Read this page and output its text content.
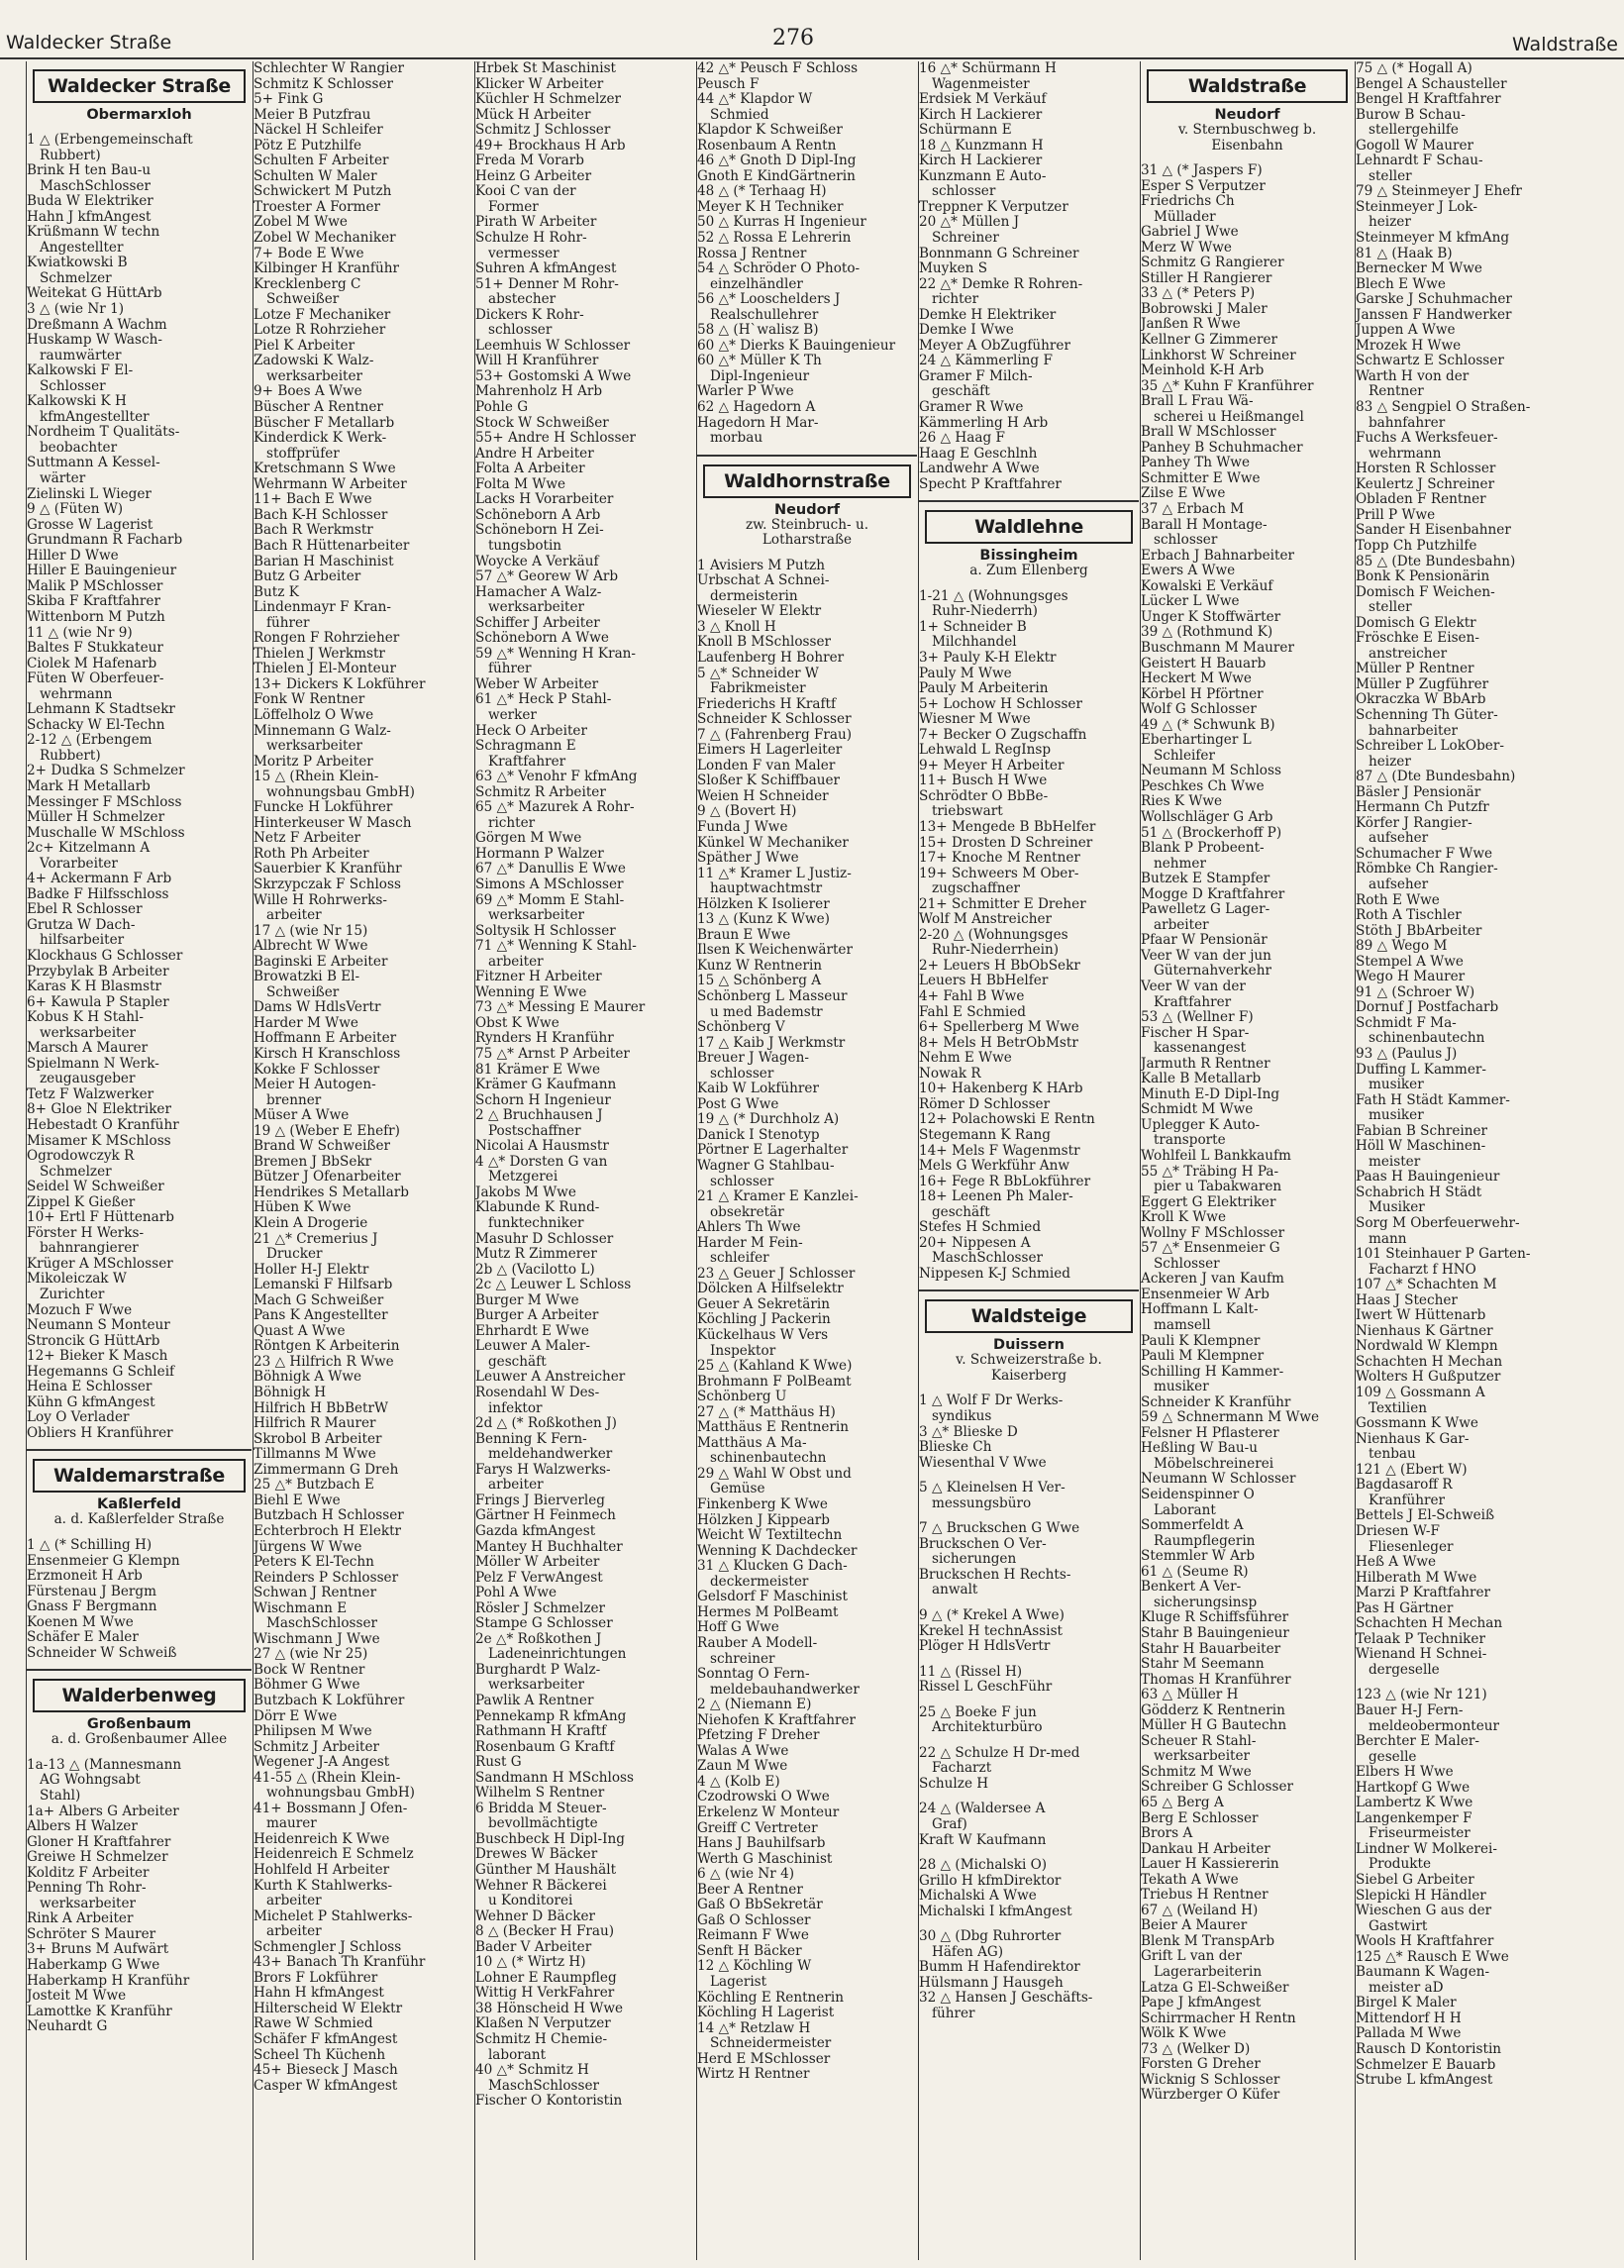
Waldecker Straße	276	Waldstraße
Waldecker Straße
Obermarxloh
1 △ (Erbengemeinschaft
Rubbert)
Brink H ten Bau-u
MaschSchlosser
Buda W Elektriker
Hahn J kfmAngest
Krüßmann W techn
Angestellter
Kwiatkowski B
Schmelzer
Weitekat G HüttArb
3 △ (wie Nr 1)
Dreßmann A Wachm
Huskamp W Wasch-
raumwärter
Kalkowski F El-
Schlosser
Kalkowski K H
kfmAngestellter
Nordheim T Qualitäts-
beobachter
Suttmann A Kessel-
wärter
Zielinski L Wieger
9 △ (Füten W)
Grosse W Lagerist
Grundmann R Facharb
Hiller D Wwe
Hiller E Bauingenieur
Malik P MSchlosser
Skiba F Kraftfahrer
Wittenborn M Putzh
11 △ (wie Nr 9)
Baltes F Stukkateur
Ciolek M Hafenarb
Füten W Oberfeuer-
wehrmann
Lehmann K Stadtsekr
Schacky W El-Techn
2-12 △ (Erbengem
Rubbert)
2+ Dudka S Schmelzer
Mark H Metallarb
Messinger F MSchloss
Müller H Schmelzer
Muschalle W MSchloss
2c+ Kitzelmann A
Vorarbeiter
4+ Ackermann F Arb
Badke F Hilfsschloss
Ebel R Schlosser
Grutza W Dach-
hilfsarbeiter
Klockhaus G Schlosser
Przybylak B Arbeiter
Karas K H Blasmstr
6+ Kawula P Stapler
Kobus K H Stahl-
werksarbeiter
Marsch A Maurer
Spielmann N Werk-
zeugausgeber
Tetz F Walzwerker
8+ Gloe N Elektriker
Hebestadt O Kranführ
Misamer K MSchloss
Ogrodowczyk R
Schmelzer
Seidel W Schweißer
Zippel K Gießer
10+ Ertl F Hüttenarb
Förster H Werks-
bahnrangierer
Krüger A MSchlosser
Mikoleiczak W
Zurichter
Mozuch F Wwe
Neumann S Monteur
Stroncik G HüttArb
12+ Bieker K Masch
Hegemanns G Schleif
Heina E Schlosser
Kühn G kfmAngest
Loy O Verlader
Obliers H Kranführer
Waldemarstraße
Kaßlerfeld
a. d. Kaßlerfelder Straße
1 △ (* Schilling H)
Ensenmeier G Klempn
Erzmoneit H Arb
Fürstenau J Bergm
Gnass F Bergmann
Koenen M Wwe
Schäfer E Maler
Schneider W Schweiß
Walderbenweg
Großenbaum
a. d. Großenbaumer Allee
1a-13 △ (Mannesmann
AG Wohngsabt
Stahl)
1a+ Albers G Arbeiter
Albers H Walzer
Gloner H Kraftfahrer
Greiwe H Schmelzer
Kolditz F Arbeiter
Penning Th Rohr-
werksarbeiter
Rink A Arbeiter
Schröter S Maurer
3+ Bruns M Aufwärt
Haberkamp G Wwe
Haberkamp H Kranführ
Josteit M Wwe
Lamottke K Kranführ
Neuhardt G
Schlechter W Rangier
Schmitz K Schlosser
5+ Fink G
Meier B Putzfrau
Näckel H Schleifer
Pötz E Putzhilfe
Schulten F Arbeiter
Schulten W Maler
Schwickert M Putzh
Troester A Former
Zobel M Wwe
Zobel W Mechaniker
7+ Bode E Wwe
Kilbinger H Kranführ
Krecklenberg C
Schweißer
Lotze F Mechaniker
Lotze R Rohrzieher
Piel K Arbeiter
Zadowski K Walz-
werksarbeiter
9+ Boes A Wwe
Büscher A Rentner
Büscher F Metallarb
Kinderdick K Werk-
stoffprüfer
Kretschmann S Wwe
Wehrmann W Arbeiter
11+ Bach E Wwe
Bach K-H Schlosser
Bach R Werkmstr
Bach R Hüttenarbeiter
Barian H Maschinist
Butz G Arbeiter
Butz K
Lindenmayr F Kran-
führer
Rongen F Rohrzieher
Thielen J Werkmstr
Thielen J El-Monteur
13+ Dickers K Lokführer
Fonk W Rentner
Löffelholz O Wwe
Minnemann G Walz-
werksarbeiter
Moritz P Arbeiter
15 △ (Rhein Klein-
wohnungsbau GmbH)
Funcke H Lokführer
Hinterkeuser W Masch
Netz F Arbeiter
Roth Ph Arbeiter
Sauerbier K Kranführ
Skrzypczak F Schloss
Wille H Rohrwerks-
arbeiter
17 △ (wie Nr 15)
Albrecht W Wwe
Baginski E Arbeiter
Browatzki B El-
Schweißer
Dams W HdlsVertr
Harder M Wwe
Hoffmann E Arbeiter
Kirsch H Kranschloss
Kokke F Schlosser
Meier H Autogen-
brenner
Müser A Wwe
19 △ (Weber E Ehefr)
Brand W Schweißer
Bremen J BbSekr
Bützer J Ofenarbeiter
Hendrikes S Metallarb
Hüben K Wwe
Klein A Drogerie
21 △* Cremerius J
Drucker
Holler H-J Elektr
Lemanski F Hilfsarb
Mach G Schweißer
Pans K Angestellter
Quast A Wwe
Röntgen K Arbeiterin
23 △ Hilfrich R Wwe
Böhnigk A Wwe
Böhnigk H
Hilfrich H BbBetrW
Hilfrich R Maurer
Skrobol B Arbeiter
Tillmanns M Wwe
Zimmermann G Dreh
25 △* Butzbach E
Biehl E Wwe
Butzbach H Schlosser
Echterbroch H Elektr
Jürgens W Wwe
Peters K El-Techn
Reinders P Schlosser
Schwan J Rentner
Wischmann E
MaschSchlosser
Wischmann J Wwe
27 △ (wie Nr 25)
Bock W Rentner
Böhmer G Wwe
Butzbach K Lokführer
Dörr E Wwe
Philipsen M Wwe
Schmitz J Arbeiter
Wegener J-A Angest
41-55 △ (Rhein Klein-
wohnungsbau GmbH)
41+ Bossmann J Ofen-
maurer
Heidenreich K Wwe
Heidenreich E Schmelz
Hohlfeld H Arbeiter
Kurth K Stahlwerks-
arbeiter
Michelet P Stahlwerks-
arbeiter
Schmengler J Schloss
43+ Banach Th Kranführ
Brors F Lokführer
Hahn H kfmAngest
Hilterscheid W Elektr
Rawe W Schmied
Schäfer F kfmAngest
Scheel Th Küchenh
45+ Bieseck J Masch
Casper W kfmAngest
Hrbek St Maschinist
Klicker W Arbeiter
Küchler H Schmelzer
Mück H Arbeiter
Schmitz J Schlosser
49+ Brockhaus H Arb
Freda M Vorarb
Heinz G Arbeiter
Kooi C van der
Former
Pirath W Arbeiter
Schulze H Rohr-
vermesser
Suhren A kfmAngest
51+ Denner M Rohr-
abstecher
Dickers K Rohr-
schlosser
Leemhuis W Schlosser
Will H Kranführer
53+ Gostomski A Wwe
Mahrenholz H Arb
Pohle G
Stock W Schweißer
55+ Andre H Schlosser
Andre H Arbeiter
Folta A Arbeiter
Folta M Wwe
Lacks H Vorarbeiter
Schöneborn A Arb
Schöneborn H Zei-
tungsbotin
Woycke A Verkäuf
57 △* Georew W Arb
Hamacher A Walz-
werksarbeiter
Schiffer J Arbeiter
Schöneborn A Wwe
59 △* Wenning H Kran-
führer
Weber W Arbeiter
61 △* Heck P Stahl-
werker
Heck O Arbeiter
Schragmann E
Kraftfahrer
63 △* Venohr F kfmAng
Schmitz R Arbeiter
65 △* Mazurek A Rohr-
richter
Görgen M Wwe
Hormann P Walzer
67 △* Danullis E Wwe
Simons A MSchlosser
69 △* Momm E Stahl-
werksarbeiter
Soltysik H Schlosser
71 △* Wenning K Stahl-
arbeiter
Fitzner H Arbeiter
Wenning E Wwe
73 △* Messing E Maurer
Obst K Wwe
Rynders H Kranführ
75 △* Arnst P Arbeiter
81 Krämer E Wwe
Krämer G Kaufmann
Schorn H Ingenieur
2 △ Bruchhausen J
Postschaffner
Nicolai A Hausmstr
4 △* Dorsten G van
Metzgerei
Jakobs M Wwe
Klabunde K Rund-
funktechniker
Masuhr D Schlosser
Mutz R Zimmerer
2b △ (Vacilotto L)
2c △ Leuwer L Schloss
Burger M Wwe
Burger A Arbeiter
Ehrhardt E Wwe
Leuwer A Maler-
geschäft
Leuwer A Anstreicher
Rosendahl W Des-
infektor
2d △ (* Roßkothen J)
Benning K Fern-
meldehandwerker
Farys H Walzwerks-
arbeiter
Frings J Bierverleg
Gärtner H Feinmech
Gazda kfmAngest
Mantey H Buchhalter
Möller W Arbeiter
Pelz F VerwAngest
Pohl A Wwe
Rösler J Schmelzer
Stampe G Schlosser
2e △* Roßkothen J
Ladeneinrichtungen
Burghardt P Walz-
werksarbeiter
Pawlik A Rentner
Pennekamp R kfmAng
Rathmann H Kraftf
Rosenbaum G Kraftf
Rust G
Sandmann H MSchloss
Wilhelm S Rentner
6 Bridda M Steuer-
bevollmächtigte
Buschbeck H Dipl-Ing
Drewes W Bäcker
Günther M Haushält
Wehner R Bäckerei
u Konditorei
Wehner D Bäcker
8 △ (Becker H Frau)
Bader V Arbeiter
10 △ (* Wirtz H)
Lohner E Raumpfleg
Wittig H VerkFahrer
38 Hönscheid H Wwe
Klaßen N Verputzer
Schmitz H Chemie-
laborant
40 △* Schmitz H
MaschSchlosser
Fischer O Kontoristin
42 △* Peusch F Schloss
Peusch F
44 △* Klapdor W
Schmied
Klapdor K Schweißer
Rosenbaum A Rentn
46 △* Gnoth D Dipl-Ing
Gnoth E KindGärtnerin
48 △ (* Terhaag H)
Meyer K H Techniker
50 △ Kurras H Ingenieur
52 △ Rossa E Lehrerin
Rossa J Rentner
54 △ Schröder O Photo-
einzelhändler
56 △* Looschelders J
Realschullehrer
58 △ (H`walisz B)
60 △* Dierks K Bauingenieur
60 △* Müller K Th
Dipl-Ingenieur
Warler P Wwe
62 △ Hagedorn A
Hagedorn H Mar-
morbau
Waldhornstraße
Neudorf
zw. Steinbruch- u.
Lotharstraße
1 Avisiers M Putzh
Urbschat A Schnei-
dermeisterin
Wieseler W Elektr
3 △ Knoll H
Knoll B MSchlosser
Laufenberg H Bohrer
5 △* Schneider W
Fabrikmeister
Friederichs H Kraftf
Schneider K Schlosser
7 △ (Fahrenberg Frau)
Eimers H Lagerleiter
Londen F van Maler
Sloßer K Schiffbauer
Weien H Schneider
9 △ (Bovert H)
Funda J Wwe
Künkel W Mechaniker
Späther J Wwe
11 △* Kramer L Justiz-
hauptwachtmstr
Hölzken K Isolierer
13 △ (Kunz K Wwe)
Braun E Wwe
Ilsen K Weichenwärter
Kunz W Rentnerin
15 △ Schönberg A
Schönberg L Masseur
u med Bademstr
Schönberg V
17 △ Kaib J Werkmstr
Breuer J Wagen-
schlosser
Kaib W Lokführer
Post G Wwe
19 △ (* Durchholz A)
Danick I Stenotyp
Pörtner E Lagerhalter
Wagner G Stahlbau-
schlosser
21 △ Kramer E Kanzlei-
obsekretär
Ahlers Th Wwe
Harder M Fein-
schleifer
23 △ Geuer J Schlosser
Dölcken A Hilfselektr
Geuer A Sekretärin
Köchling J Packerin
Kückelhaus W Vers
Inspektor
25 △ (Kahland K Wwe)
Brohmann F PolBeamt
Schönberg U
27 △ (* Matthäus H)
Matthäus E Rentnerin
Matthäus A Ma-
schinenbautechn
29 △ Wahl W Obst und
Gemüse
Finkenberg K Wwe
Hölzken J Kippearb
Weicht W Textiltechn
Wenning K Dachdecker
31 △ Klucken G Dach-
deckermeister
Gelsdorf F Maschinist
Hermes M PolBeamt
Hoff G Wwe
Rauber A Modell-
schreiner
Sonntag O Fern-
meldebauhandwerker
2 △ (Niemann E)
Niehofen K Kraftfahrer
Pfetzing F Dreher
Walas A Wwe
Zaun M Wwe
4 △ (Kolb E)
Czodrowski O Wwe
Erkelenz W Monteur
Greiff C Vertreter
Hans J Bauhilfsarb
Werth G Maschinist
6 △ (wie Nr 4)
Beer A Rentner
Gaß O BbSekretär
Gaß O Schlosser
Reimann F Wwe
Senft H Bäcker
12 △ Köchling W
Lagerist
Köchling E Rentnerin
Köchling H Lagerist
14 △* Retzlaw H
Schneidermeister
Herd E MSchlosser
Wirtz H Rentner
16 △* Schürmann H
Wagenmeister
Erdsiek M Verkäuf
Kirch H Lackierer
Schürmann E
18 △ Kunzmann H
Kirch H Lackierer
Kunzmann E Auto-
schlosser
Treppner K Verputzer
20 △* Müllen J
Schreiner
Bonnmann G Schreiner
Muyken S
22 △* Demke R Rohren-
richter
Demke H Elektriker
Demke I Wwe
Meyer A ObZugführer
24 △ Kämmerling F
Gramer F Milch-
geschäft
Gramer R Wwe
Kämmerling H Arb
26 △ Haag F
Haag E Geschlnh
Landwehr A Wwe
Specht P Kraftfahrer
Waldlehne
Bissingheim
a. Zum Ellenberg
1-21 △ (Wohnungsges
Ruhr-Niederrh)
1+ Schneider B
Milchhandel
3+ Pauly K-H Elektr
Pauly M Wwe
Pauly M Arbeiterin
5+ Lochow H Schlosser
Wiesner M Wwe
7+ Becker O Zugschaffn
Lehwald L RegInsp
9+ Meyer H Arbeiter
11+ Busch H Wwe
Schrödter O BbBe-
triebswart
13+ Mengede B BbHelfer
15+ Drosten D Schreiner
17+ Knoche M Rentner
19+ Schweers M Ober-
zugschaffner
21+ Schmitter E Dreher
Wolf M Anstreicher
2-20 △ (Wohnungsges
Ruhr-Niederrhein)
2+ Leuers H BbObSekr
Leuers H BbHelfer
4+ Fahl B Wwe
Fahl E Schmied
6+ Spellerberg M Wwe
8+ Mels H BetrObMstr
Nehm E Wwe
Nowak R
10+ Hakenberg K HArb
Römer D Schlosser
12+ Polachowski E Rentn
Stegemann K Rang
14+ Mels F Wagenmstr
Mels G Werkführ Anw
16+ Fege R BbLokführer
18+ Leenen Ph Maler-
geschäft
Stefes H Schmied
20+ Nippesen A
MaschSchlosser
Nippesen K-J Schmied
Waldsteige
Duissern
v. Schweizerstraße b.
Kaiserberg
1 △ Wolf F Dr Werks-
syndikus
3 △* Blieske D
Blieske Ch
Wiesenthal V Wwe
5 △ Kleinelsen H Ver-
messungsbüro
7 △ Bruckschen G Wwe
Bruckschen O Ver-
sicherungen
Bruckschen H Rechts-
anwalt
9 △ (* Krekel A Wwe)
Krekel H technAssist
Plöger H HdlsVertr
11 △ (Rissel H)
Rissel L GeschFühr
25 △ Boeke F jun
Architekturbüro
22 △ Schulze H Dr-med
Facharzt
Schulze H
24 △ (Waldersee A
Graf)
Kraft W Kaufmann
28 △ (Michalski O)
Grillo H kfmDirektor
Michalski A Wwe
Michalski I kfmAngest
30 △ (Dbg Ruhrorter
Häfen AG)
Bumm H Hafendirektor
Hülsmann J Hausgeh
32 △ Hansen J Geschäfts-
führer
Waldstraße
Neudorf
v. Sternbuschweg b.
Eisenbahn
31 △ (* Jaspers F)
Esper S Verputzer
Friedrichs Ch
Müllader
Gabriel J Wwe
Merz W Wwe
Schmitz G Rangierer
Stiller H Rangierer
33 △ (* Peters P)
Bobrowski J Maler
Janßen R Wwe
Kellner G Zimmerer
Linkhorst W Schreiner
Meinhold K-H Arb
35 △* Kuhn F Kranführer
Brall L Frau Wä-
scherei u Heißmangel
Brall W MSchlosser
Panhey B Schuhmacher
Panhey Th Wwe
Schmitter E Wwe
Zilse E Wwe
37 △ Erbach M
Barall H Montage-
schlosser
Erbach J Bahnarbeiter
Ewers A Wwe
Kowalski E Verkäuf
Lücker L Wwe
Unger K Stoffwärter
39 △ (Rothmund K)
Buschmann M Maurer
Geistert H Bauarb
Heckert M Wwe
Körbel H Pförtner
Wolf G Schlosser
49 △ (* Schwunk B)
Eberhartinger L
Schleifer
Neumann M Schloss
Peschkes Ch Wwe
Ries K Wwe
Wollschläger G Arb
51 △ (Brockerhoff P)
Blank P Probeent-
nehmer
Butzek E Stampfer
Mogge D Kraftfahrer
Pawelletz G Lager-
arbeiter
Pfaar W Pensionär
Veer W van der jun
Güternahverkehr
Veer W van der
Kraftfahrer
53 △ (Wellner F)
Fischer H Spar-
kassenangest
Jarmuth R Rentner
Kalle B Metallarb
Minuth E-D Dipl-Ing
Schmidt M Wwe
Uplegger K Auto-
transporte
Wohlfeil L Bankkaufm
55 △* Träbing H Pa-
pier u Tabakwaren
Eggert G Elektriker
Kroll K Wwe
Wollny F MSchlosser
57 △* Ensenmeier G
Schlosser
Ackeren J van Kaufm
Ensenmeier W Arb
Hoffmann L Kalt-
mamsell
Pauli K Klempner
Pauli M Klempner
Schilling H Kammer-
musiker
Schneider K Kranführ
59 △ Schnermann M Wwe
Felsner H Pflasterer
Heßling W Bau-u
Möbelschreinerei
Neumann W Schlosser
Seidenspinner O
Laborant
Sommerfeldt A
Raumpflegerin
Stemmler W Arb
61 △ (Seume R)
Benkert A Ver-
sicherungsinsp
Kluge R Schiffsführer
Stahr B Bauingenieur
Stahr H Bauarbeiter
Stahr M Seemann
Thomas H Kranführer
63 △ Müller H
Gödderz K Rentnerin
Müller H G Bautechn
Scheuer R Stahl-
werksarbeiter
Schmitz M Wwe
Schreiber G Schlosser
65 △ Berg A
Berg E Schlosser
Brors A
Dankau H Arbeiter
Lauer H Kassiererin
Tekath A Wwe
Triebus H Rentner
67 △ (Weiland H)
Beier A Maurer
Blenk M TranspArb
Grift L van der
Lagerarbeiterin
Latza G El-Schweißer
Pape J kfmAngest
Schirrmacher H Rentn
Wölk K Wwe
73 △ (Welker D)
Forsten G Dreher
Wicknig S Schlosser
Würzberger O Küfer
75 △ (* Hogall A)
Bengel A Schausteller
Bengel H Kraftfahrer
Burow B Schau-
stellergehilfe
Gogoll W Maurer
Lehnardt F Schau-
steller
79 △ Steinmeyer J Ehefr
Steinmeyer J Lok-
heizer
Steinmeyer M kfmAng
81 △ (Haak B)
Bernecker M Wwe
Blech E Wwe
Garske J Schuhmacher
Janssen F Handwerker
Juppen A Wwe
Mrozek H Wwe
Schwartz E Schlosser
Warth H von der
Rentner
83 △ Sengpiel O Straßen-
bahnfahrer
Fuchs A Werksfeuer-
wehrmann
Horsten R Schlosser
Keulertz J Schreiner
Obladen F Rentner
Prill P Wwe
Sander H Eisenbahner
Topp Ch Putzhilfe
85 △ (Dte Bundesbahn)
Bonk K Pensionärin
Domisch F Weichen-
steller
Domisch G Elektr
Fröschke E Eisen-
anstreicher
Müller P Rentner
Müller P Zugführer
Okraczka W BbArb
Schenning Th Güter-
bahnarbeiter
Schreiber L LokOber-
heizer
87 △ (Dte Bundesbahn)
Bäsler J Pensionär
Hermann Ch Putzfr
Körfer J Rangier-
aufseher
Schumacher F Wwe
Römbke Ch Rangier-
aufseher
Roth E Wwe
Roth A Tischler
Stöth J BbArbeiter
89 △ Wego M
Stempel A Wwe
Wego H Maurer
91 △ (Schroer W)
Dornuf J Postfacharb
Schmidt F Ma-
schinenbautechn
93 △ (Paulus J)
Duffing L Kammer-
musiker
Fath H Städt Kammer-
musiker
Fabian B Schreiner
Höll W Maschinen-
meister
Paas H Bauingenieur
Schabrich H Städt
Musiker
Sorg M Oberfeuerwehr-
mann
101 Steinhauer P Garten-
Facharzt f HNO
107 △* Schachten M
Haas J Stecher
Iwert W Hüttenarb
Nienhaus K Gärtner
Nordwald W Klempn
Schachten H Mechan
Wolters H Gußputzer
109 △ Gossmann A
Textilien
Gossmann K Wwe
Nienhaus K Gar-
tenbau
121 △ (Ebert W)
Bagdasaroff R
Kranführer
Bettels J El-Schweiß
Driesen W-F
Fliesenleger
Heß A Wwe
Hilberath M Wwe
Marzi P Kraftfahrer
Pas H Gärtner
Schachten H Mechan
Telaak P Techniker
Wienand H Schnei-
dergeselle
123 △ (wie Nr 121)
Bauer H-J Fern-
meldeobermonteur
Berchter E Maler-
geselle
Elbers H Wwe
Hartkopf G Wwe
Lambertz K Wwe
Langenkemper F
Friseurmeister
Lindner W Molkerei-
Produkte
Siebel G Arbeiter
Slepicki H Händler
Wieschen G aus der
Gastwirt
Wools H Kraftfahrer
125 △* Rausch E Wwe
Baumann K Wagen-
meister aD
Birgel K Maler
Mittendorf H H
Pallada M Wwe
Rausch D Kontoristin
Schmelzer E Bauarb
Strube L kfmAngest
